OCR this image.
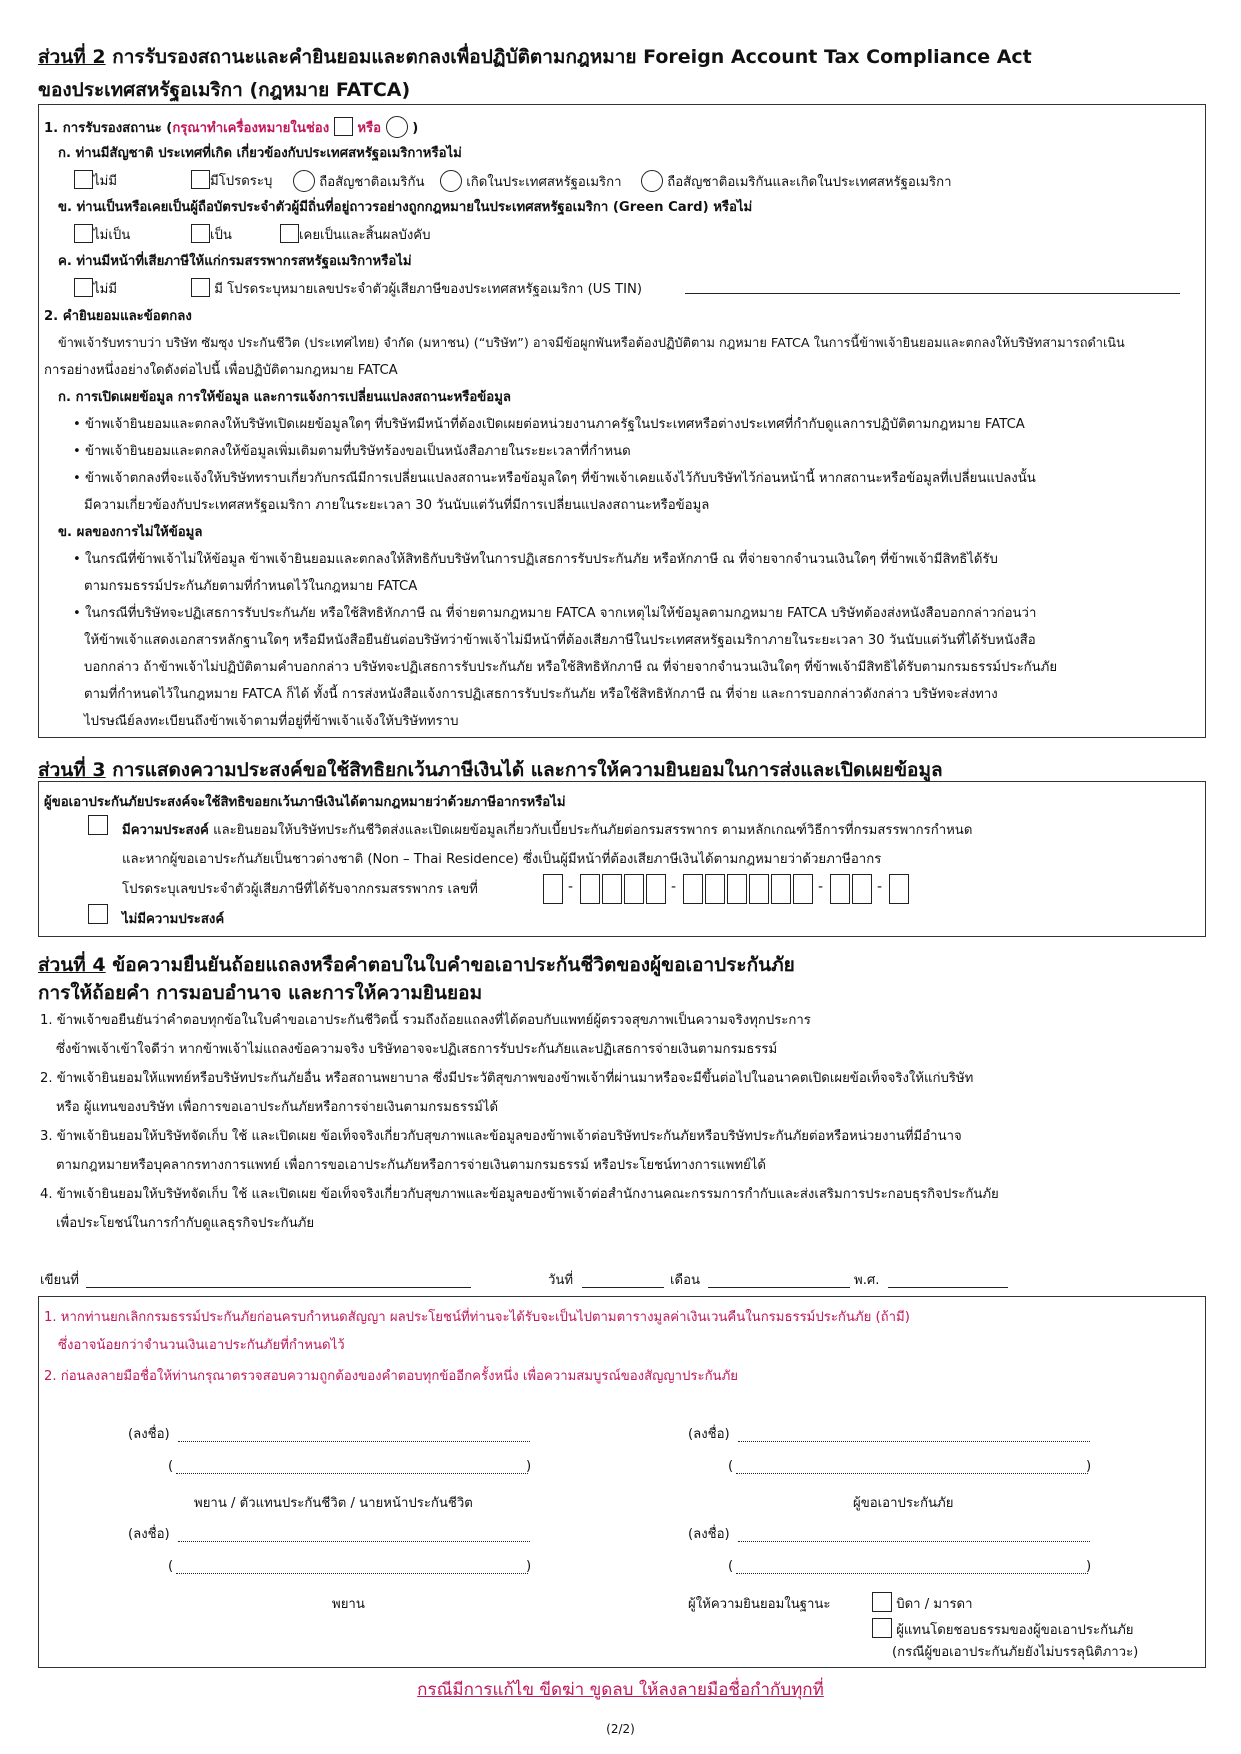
ส่วนที่ 2 การรับรองสถานะและคำยินยอมและตกลงเพื่อปฏิบัติตามกฎหมาย Foreign Account Tax Compliance Act
ของประเทศสหรัฐอเมริกา (กฎหมาย FATCA)
1. การรับรองสถานะ (กรุณาทำเครื่องหมายในช่อง หรือ )
ก. ท่านมีสัญชาติ ประเทศที่เกิด เกี่ยวข้องกับประเทศสหรัฐอเมริกาหรือไม่
ไม่มี	มีโปรดระบุ	ถือสัญชาติอเมริกัน	เกิดในประเทศสหรัฐอเมริกา	ถือสัญชาติอเมริกันและเกิดในประเทศสหรัฐอเมริกา
ข. ท่านเป็นหรือเคยเป็นผู้ถือบัตรประจำตัวผู้มีถิ่นที่อยู่ถาวรอย่างถูกกฎหมายในประเทศสหรัฐอเมริกา (Green Card) หรือไม่
ไม่เป็น	เป็น	เคยเป็นและสิ้นผลบังคับ
ค. ท่านมีหน้าที่เสียภาษีให้แก่กรมสรรพากรสหรัฐอเมริกาหรือไม่
ไม่มี	มี โปรดระบุหมายเลขประจำตัวผู้เสียภาษีของประเทศสหรัฐอเมริกา (US TIN)
2. คำยินยอมและข้อตกลง
ข้าพเจ้ารับทราบว่า บริษัท ซัมซุง ประกันชีวิต (ประเทศไทย) จำกัด (มหาชน) (“บริษัท”) อาจมีข้อผูกพันหรือต้องปฏิบัติตาม กฎหมาย FATCA ในการนี้ข้าพเจ้ายินยอมและตกลงให้บริษัทสามารถดำเนิน
การอย่างหนึ่งอย่างใดดังต่อไปนี้ เพื่อปฏิบัติตามกฎหมาย FATCA
ก. การเปิดเผยข้อมูล การให้ข้อมูล และการแจ้งการเปลี่ยนแปลงสถานะหรือข้อมูล
• ข้าพเจ้ายินยอมและตกลงให้บริษัทเปิดเผยข้อมูลใดๆ ที่บริษัทมีหน้าที่ต้องเปิดเผยต่อหน่วยงานภาครัฐในประเทศหรือต่างประเทศที่กำกับดูแลการปฏิบัติตามกฎหมาย FATCA
• ข้าพเจ้ายินยอมและตกลงให้ข้อมูลเพิ่มเติมตามที่บริษัทร้องขอเป็นหนังสือภายในระยะเวลาที่กำหนด
• ข้าพเจ้าตกลงที่จะแจ้งให้บริษัททราบเกี่ยวกับกรณีมีการเปลี่ยนแปลงสถานะหรือข้อมูลใดๆ ที่ข้าพเจ้าเคยแจ้งไว้กับบริษัทไว้ก่อนหน้านี้ หากสถานะหรือข้อมูลที่เปลี่ยนแปลงนั้น
มีความเกี่ยวข้องกับประเทศสหรัฐอเมริกา ภายในระยะเวลา 30 วันนับแต่วันที่มีการเปลี่ยนแปลงสถานะหรือข้อมูล
ข. ผลของการไม่ให้ข้อมูล
• ในกรณีที่ข้าพเจ้าไม่ให้ข้อมูล ข้าพเจ้ายินยอมและตกลงให้สิทธิกับบริษัทในการปฏิเสธการรับประกันภัย หรือหักภาษี ณ ที่จ่ายจากจำนวนเงินใดๆ ที่ข้าพเจ้ามีสิทธิได้รับ
ตามกรมธรรม์ประกันภัยตามที่กำหนดไว้ในกฎหมาย FATCA
• ในกรณีที่บริษัทจะปฏิเสธการรับประกันภัย หรือใช้สิทธิหักภาษี ณ ที่จ่ายตามกฎหมาย FATCA จากเหตุไม่ให้ข้อมูลตามกฎหมาย FATCA บริษัทต้องส่งหนังสือบอกกล่าวก่อนว่า
ให้ข้าพเจ้าแสดงเอกสารหลักฐานใดๆ หรือมีหนังสือยืนยันต่อบริษัทว่าข้าพเจ้าไม่มีหน้าที่ต้องเสียภาษีในประเทศสหรัฐอเมริกาภายในระยะเวลา 30 วันนับแต่วันที่ได้รับหนังสือ
บอกกล่าว ถ้าข้าพเจ้าไม่ปฏิบัติตามคำบอกกล่าว บริษัทจะปฏิเสธการรับประกันภัย หรือใช้สิทธิหักภาษี ณ ที่จ่ายจากจำนวนเงินใดๆ ที่ข้าพเจ้ามีสิทธิได้รับตามกรมธรรม์ประกันภัย
ตามที่กำหนดไว้ในกฎหมาย FATCA ก็ได้ ทั้งนี้ การส่งหนังสือแจ้งการปฏิเสธการรับประกันภัย หรือใช้สิทธิหักภาษี ณ ที่จ่าย และการบอกกล่าวดังกล่าว บริษัทจะส่งทาง
ไปรษณีย์ลงทะเบียนถึงข้าพเจ้าตามที่อยู่ที่ข้าพเจ้าแจ้งให้บริษัททราบ
ส่วนที่ 3 การแสดงความประสงค์ขอใช้สิทธิยกเว้นภาษีเงินได้ และการให้ความยินยอมในการส่งและเปิดเผยข้อมูล
ผู้ขอเอาประกันภัยประสงค์จะใช้สิทธิขอยกเว้นภาษีเงินได้ตามกฎหมายว่าด้วยภาษีอากรหรือไม่
มีความประสงค์ และยินยอมให้บริษัทประกันชีวิตส่งและเปิดเผยข้อมูลเกี่ยวกับเบี้ยประกันภัยต่อกรมสรรพากร ตามหลักเกณฑ์วิธีการที่กรมสรรพากรกำหนด
และหากผู้ขอเอาประกันภัยเป็นชาวต่างชาติ (Non – Thai Residence) ซึ่งเป็นผู้มีหน้าที่ต้องเสียภาษีเงินได้ตามกฎหมายว่าด้วยภาษีอากร
โปรดระบุเลขประจำตัวผู้เสียภาษีที่ได้รับจากกรมสรรพากร เลขที่	-	-	-	-
ไม่มีความประสงค์
ส่วนที่ 4 ข้อความยืนยันถ้อยแถลงหรือคำตอบในใบคำขอเอาประกันชีวิตของผู้ขอเอาประกันภัย
การให้ถ้อยคำ การมอบอำนาจ และการให้ความยินยอม
1. ข้าพเจ้าขอยืนยันว่าคำตอบทุกข้อในใบคำขอเอาประกันชีวิตนี้ รวมถึงถ้อยแถลงที่ได้ตอบกับแพทย์ผู้ตรวจสุขภาพเป็นความจริงทุกประการ
ซึ่งข้าพเจ้าเข้าใจดีว่า หากข้าพเจ้าไม่แถลงข้อความจริง บริษัทอาจจะปฏิเสธการรับประกันภัยและปฏิเสธการจ่ายเงินตามกรมธรรม์
2. ข้าพเจ้ายินยอมให้แพทย์หรือบริษัทประกันภัยอื่น หรือสถานพยาบาล ซึ่งมีประวัติสุขภาพของข้าพเจ้าที่ผ่านมาหรือจะมีขึ้นต่อไปในอนาคตเปิดเผยข้อเท็จจริงให้แก่บริษัท
หรือ ผู้แทนของบริษัท เพื่อการขอเอาประกันภัยหรือการจ่ายเงินตามกรมธรรม์ได้
3. ข้าพเจ้ายินยอมให้บริษัทจัดเก็บ ใช้ และเปิดเผย ข้อเท็จจริงเกี่ยวกับสุขภาพและข้อมูลของข้าพเจ้าต่อบริษัทประกันภัยหรือบริษัทประกันภัยต่อหรือหน่วยงานที่มีอำนาจ
ตามกฎหมายหรือบุคลากรทางการแพทย์ เพื่อการขอเอาประกันภัยหรือการจ่ายเงินตามกรมธรรม์ หรือประโยชน์ทางการแพทย์ได้
4. ข้าพเจ้ายินยอมให้บริษัทจัดเก็บ ใช้ และเปิดเผย ข้อเท็จจริงเกี่ยวกับสุขภาพและข้อมูลของข้าพเจ้าต่อสำนักงานคณะกรรมการกำกับและส่งเสริมการประกอบธุรกิจประกันภัย
เพื่อประโยชน์ในการกำกับดูแลธุรกิจประกันภัย
เขียนที่	วันที่	เดือน	พ.ศ.
1. หากท่านยกเลิกกรมธรรม์ประกันภัยก่อนครบกำหนดสัญญา ผลประโยชน์ที่ท่านจะได้รับจะเป็นไปตามตารางมูลค่าเงินเวนคืนในกรมธรรม์ประกันภัย (ถ้ามี)
ซึ่งอาจน้อยกว่าจำนวนเงินเอาประกันภัยที่กำหนดไว้
2. ก่อนลงลายมือชื่อให้ท่านกรุณาตรวจสอบความถูกต้องของคำตอบทุกข้ออีกครั้งหนึ่ง เพื่อความสมบูรณ์ของสัญญาประกันภัย
(ลงชื่อ)
(	)
พยาน / ตัวแทนประกันชีวิต / นายหน้าประกันชีวิต
(ลงชื่อ)
(	)
ผู้ขอเอาประกันภัย
(ลงชื่อ)
(	)
พยาน
(ลงชื่อ)
(	)
ผู้ให้ความยินยอมในฐานะ	บิดา / มารดา
ผู้แทนโดยชอบธรรมของผู้ขอเอาประกันภัย
(กรณีผู้ขอเอาประกันภัยยังไม่บรรลุนิติภาวะ)
กรณีมีการแก้ไข ขีดฆ่า ขูดลบ ให้ลงลายมือชื่อกำกับทุกที่
(2/2)
